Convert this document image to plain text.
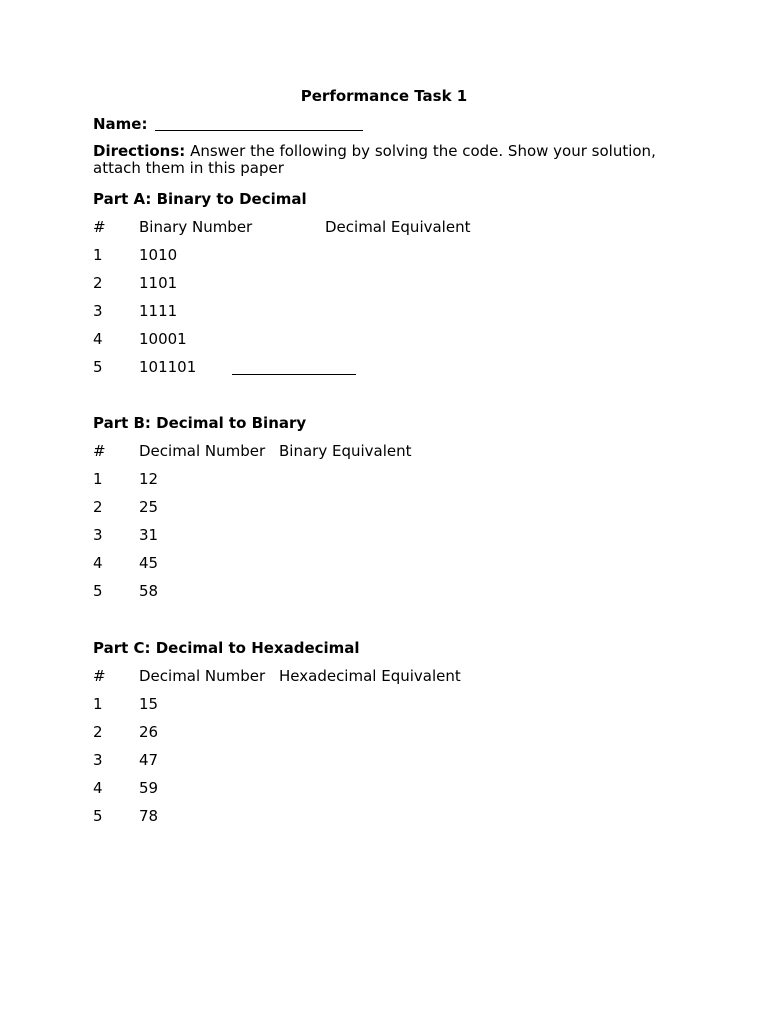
Performance Task 1
Name:
Directions: Answer the following by solving the code. Show your solution, attach them in this paper
Part A: Binary to Decimal
# Binary Number	Decimal Equivalent
1 1010
2 1101
3 1111
4 10001
5 101101
Part B: Decimal to Binary
# Decimal Number Binary Equivalent
1 12
2 25
3 31
4 45
5 58
Part C: Decimal to Hexadecimal
# Decimal Number Hexadecimal Equivalent
1 15
2 26
3 47
4 59
5 78
